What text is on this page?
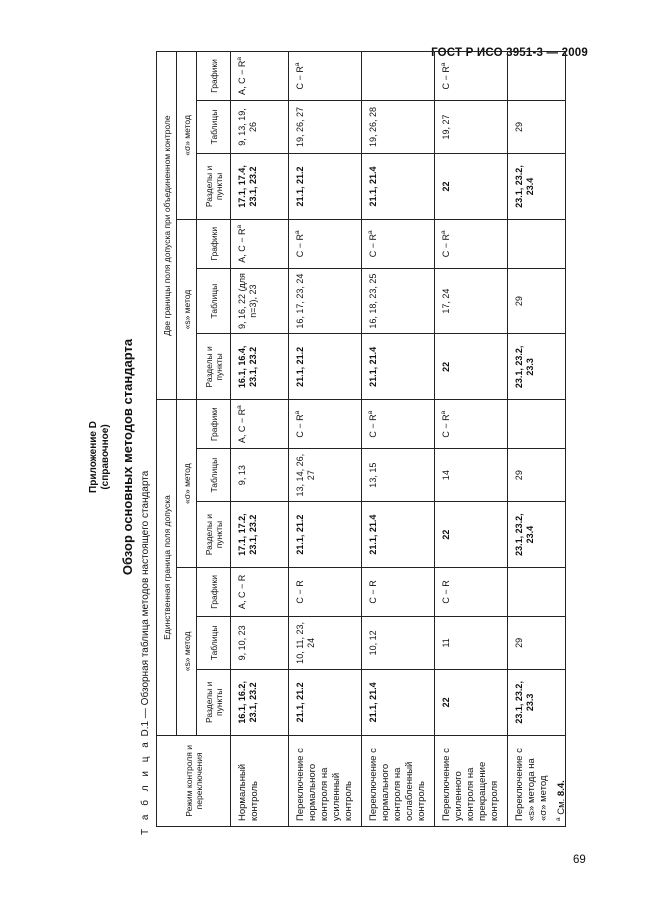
ГОСТ Р ИСО 3951-3 — 2009
Приложение D (справочное) Обзор основных методов стандарта
Т а б л и ц а D.1 — Обзорная таблица методов настоящего стандарта
Режим контроля и переключения	Единственная граница поля допуска						Две границы поля допуска при объединенном контроле					
	«s» метод			«σ» метод			«s» метод			«σ» метод		
	Разделы и пункты	Таблицы	Графики	Разделы и пункты	Таблицы	Графики	Разделы и пункты	Таблицы	Графики	Разделы и пункты	Таблицы	Графики
Нормальный контроль	16.1, 16.2, 23.1, 23.2	9, 10, 23	A, C − R	17.1, 17.2, 23.1, 23.2	9, 13	A, $C - R^a$	16.1, 16.4, 23.1, 23.2	9, 16, 22 (для n=3), 23	A, $C - R^a$	17.1, 17.4, 23.1, 23.2	9, 13, 19, 26	A, $C - R^a$
Переключение с нормального контроля на усиленный контроль	21.1, 21.2	10, 11, 23, 24	C − R	21.1, 21.2	13, 14, 26, 27	$C - R^a$	21.1, 21.2	16, 17, 23, 24	$C - R^a$	21.1, 21.2	19, 26, 27	$C - R^a$
Переключение с нормального контроля на ослабленный контроль	21.1, 21.4	10, 12	C − R	21.1, 21.4	13, 15	$C - R^a$	21.1, 21.4	16, 18, 23, 25	$C - R^a$	21.1, 21.4	19, 26, 28	
Переключение с усиленного контроля на прекращение контроля	22	11	C − R	22	14	$C - R^a$	22	17, 24	$C - R^a$	22	19, 27	$C - R^a$
Переключение с «s» метода на «σ» метод	23.1, 23.2, 23.3	29		23.1, 23.2, 23.4	29		23.1, 23.2, 23.3	29		23.1, 23.2, 23.4	29	
$^a$ См. 8.4.
69
